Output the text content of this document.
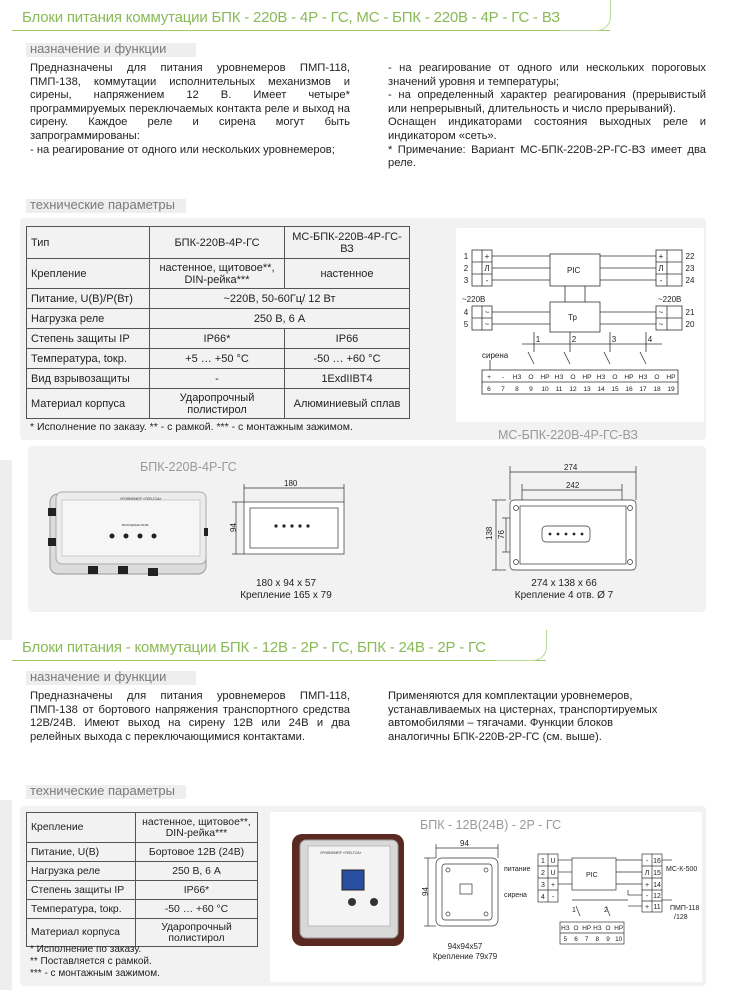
Блоки питания коммутации БПК - 220В - 4Р - ГС, МС - БПК - 220В - 4Р - ГС - ВЗ
назначение и функции

Предназначены для питания уровнемеров ПМП-118, ПМП-138, коммутации исполнительных механизмов и сирены, напряжением 12 В. Имеет четыре* программируемых переключаемых контакта реле и выход на сирену. Каждое реле и сирена могут быть запрограммированы:

- на реагирование от одного или нескольких уровнемеров;

- на реагирование от одного или нескольких пороговых значений уровня и температуры;

- на определенный характер реагирования (прерывистый или непрерывный, длительность и число прерываний).

Оснащен индикаторами состояния выходных реле и индикатором «сеть».

* Примечание: Вариант МС-БПК-220В-2Р-ГС-ВЗ имеет два реле.

технические параметры
Тип	БПК-220В-4Р-ГС	МС-БПК-220В-4Р-ГС-ВЗ
Крепление	настенное, щитовое**, DIN-рейка***	настенное
Питание, U(В)/P(Вт)	~220В, 50-60Гц/ 12 Вт	
Нагрузка реле	250 В, 6 А	
Степень защиты IP	IP66*	IP66
Температура, tокр.	+5 … +50 °С	-50 … +60 °С
Вид взрывозащиты	-	1ExdIIBT4
Материал корпуса	Ударопрочный полистирол	Алюминиевый сплав
* Исполнение по заказу. ** - с рамкой. *** - с монтажным зажимом.
PIC
Тр
~220В	~220В
сирена
1
2
3
4
5
+
Л
-
~
~
+
Л
-
~
~
22
23
24
21
20
1	2	3	4
+ - НЗ О НР НЗ О НР НЗ О НР НЗ О НР
6 7 8 9 10 11 12 13 14 15 16 17 18 19
МС-БПК-220В-4Р-ГС-ВЗ
БПК-220В-4Р-ГС
УРОВНЕМЕР «ТЕВ-ГСА»
ВЫХОДНЫЕ РЕЛЕ
180
94
180 х 94 х 57
Крепление 165 х 79
274
242
138 76
274 х 138 х 66
Крепление 4 отв. Ø 7
Блоки питания - коммутации БПК - 12В - 2Р - ГС, БПК - 24В - 2Р - ГС
назначение и функции
Предназначены для питания уровнемеров ПМП-118, ПМП-138 от бортового напряжения транспортного средства 12В/24В. Имеют выход на сирену 12В или 24В и два релейных выхода с переключающимися контактами.

Применяются для комплектации уровнемеров,

устанавливаемых на цистернах, транспортируемых

автомобилями – тягачами. Функции блоков

аналогичны БПК-220В-2Р-ГС (см. выше).

технические параметры
Крепление	настенное, щитовое**, DIN-рейка***
Питание, U(В)	Бортовое 12В (24В)
Нагрузка реле	250 В, 6 А
Степень защиты IP	IP66*
Температура, tокр.	-50 … +60 °С
Материал корпуса	Ударопрочный полистирол
* Исполнение по заказу.
** Поставляется с рамкой.
*** - с монтажным зажимом.
БПК - 12В(24В) - 2Р - ГС
УРОВНЕМЕР «ТЕВ-ГСА»
94
94
94х94х57
Крепление 79х79
питание
сирена
PIC
МС-К-500
ПМП-118
/128
1
2
3
4
U
U
+
-
-
Л
+
-
+
16
15
14
12
11
1	2
НЗ О НР НЗ О НР
5 6 7 8 9 10
